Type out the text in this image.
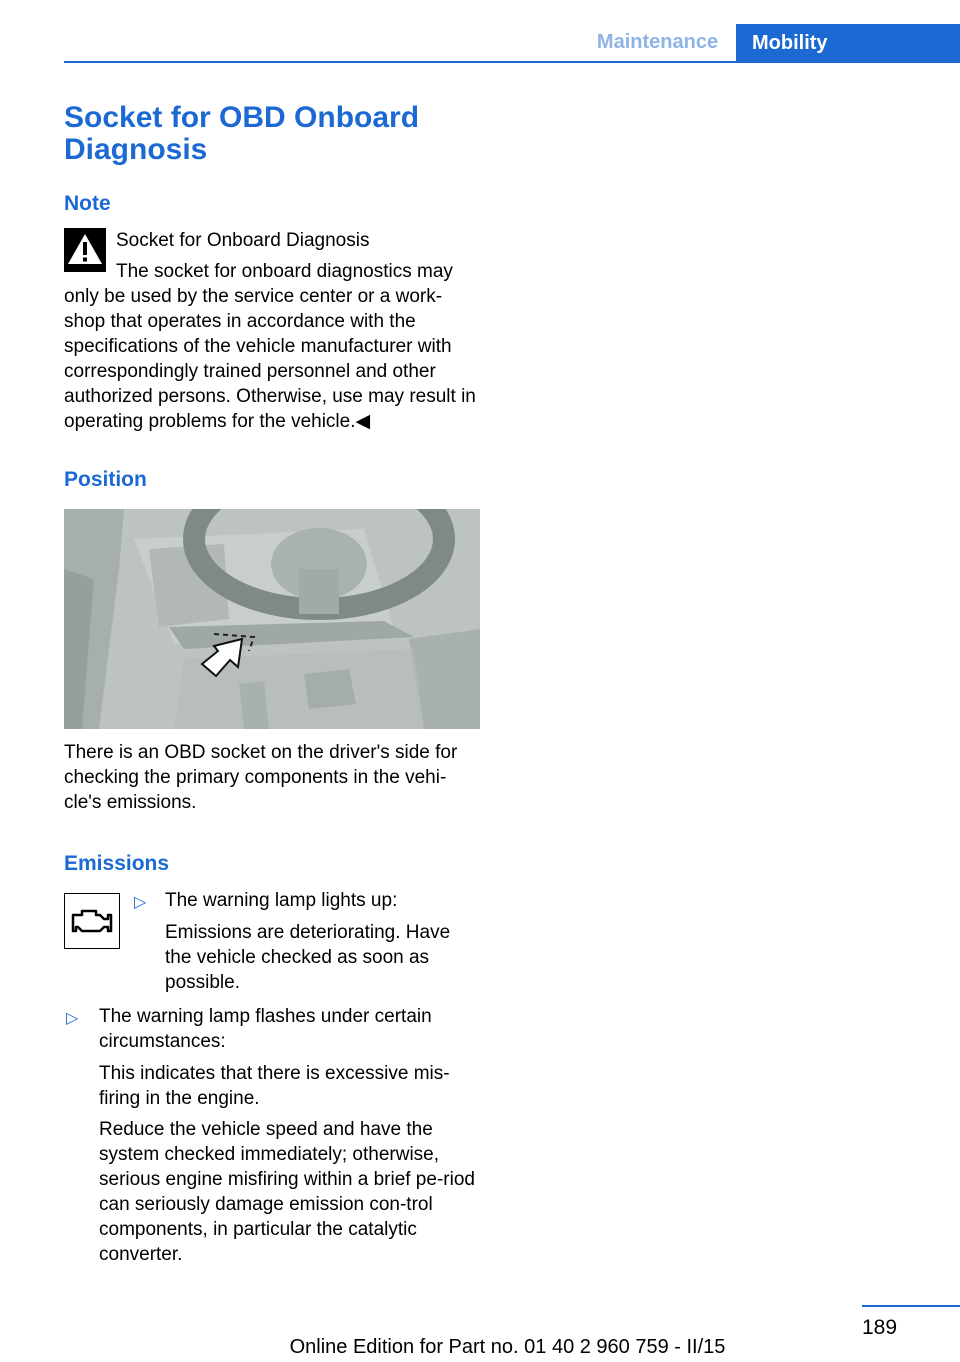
Maintenance	Mobility
Socket for OBD Onboard Diagnosis
Note
Socket for Onboard Diagnosis

The socket for onboard diagnostics may only be used by the service center or a work-shop that operates in accordance with the specifications of the vehicle manufacturer with correspondingly trained personnel and other authorized persons. Otherwise, use may result in operating problems for the vehicle.◀

Position

There is an OBD socket on the driver's side for checking the primary components in the vehi-cle's emissions.

Emissions
▷ The warning lamp lights up:

Emissions are deteriorating. Have the vehicle checked as soon as possible.

▷ The warning lamp flashes under certain circumstances:

This indicates that there is excessive mis-firing in the engine.

Reduce the vehicle speed and have the system checked immediately; otherwise, serious engine misfiring within a brief pe-riod can seriously damage emission con-trol components, in particular the catalytic converter.

189
Online Edition for Part no. 01 40 2 960 759 - II/15
